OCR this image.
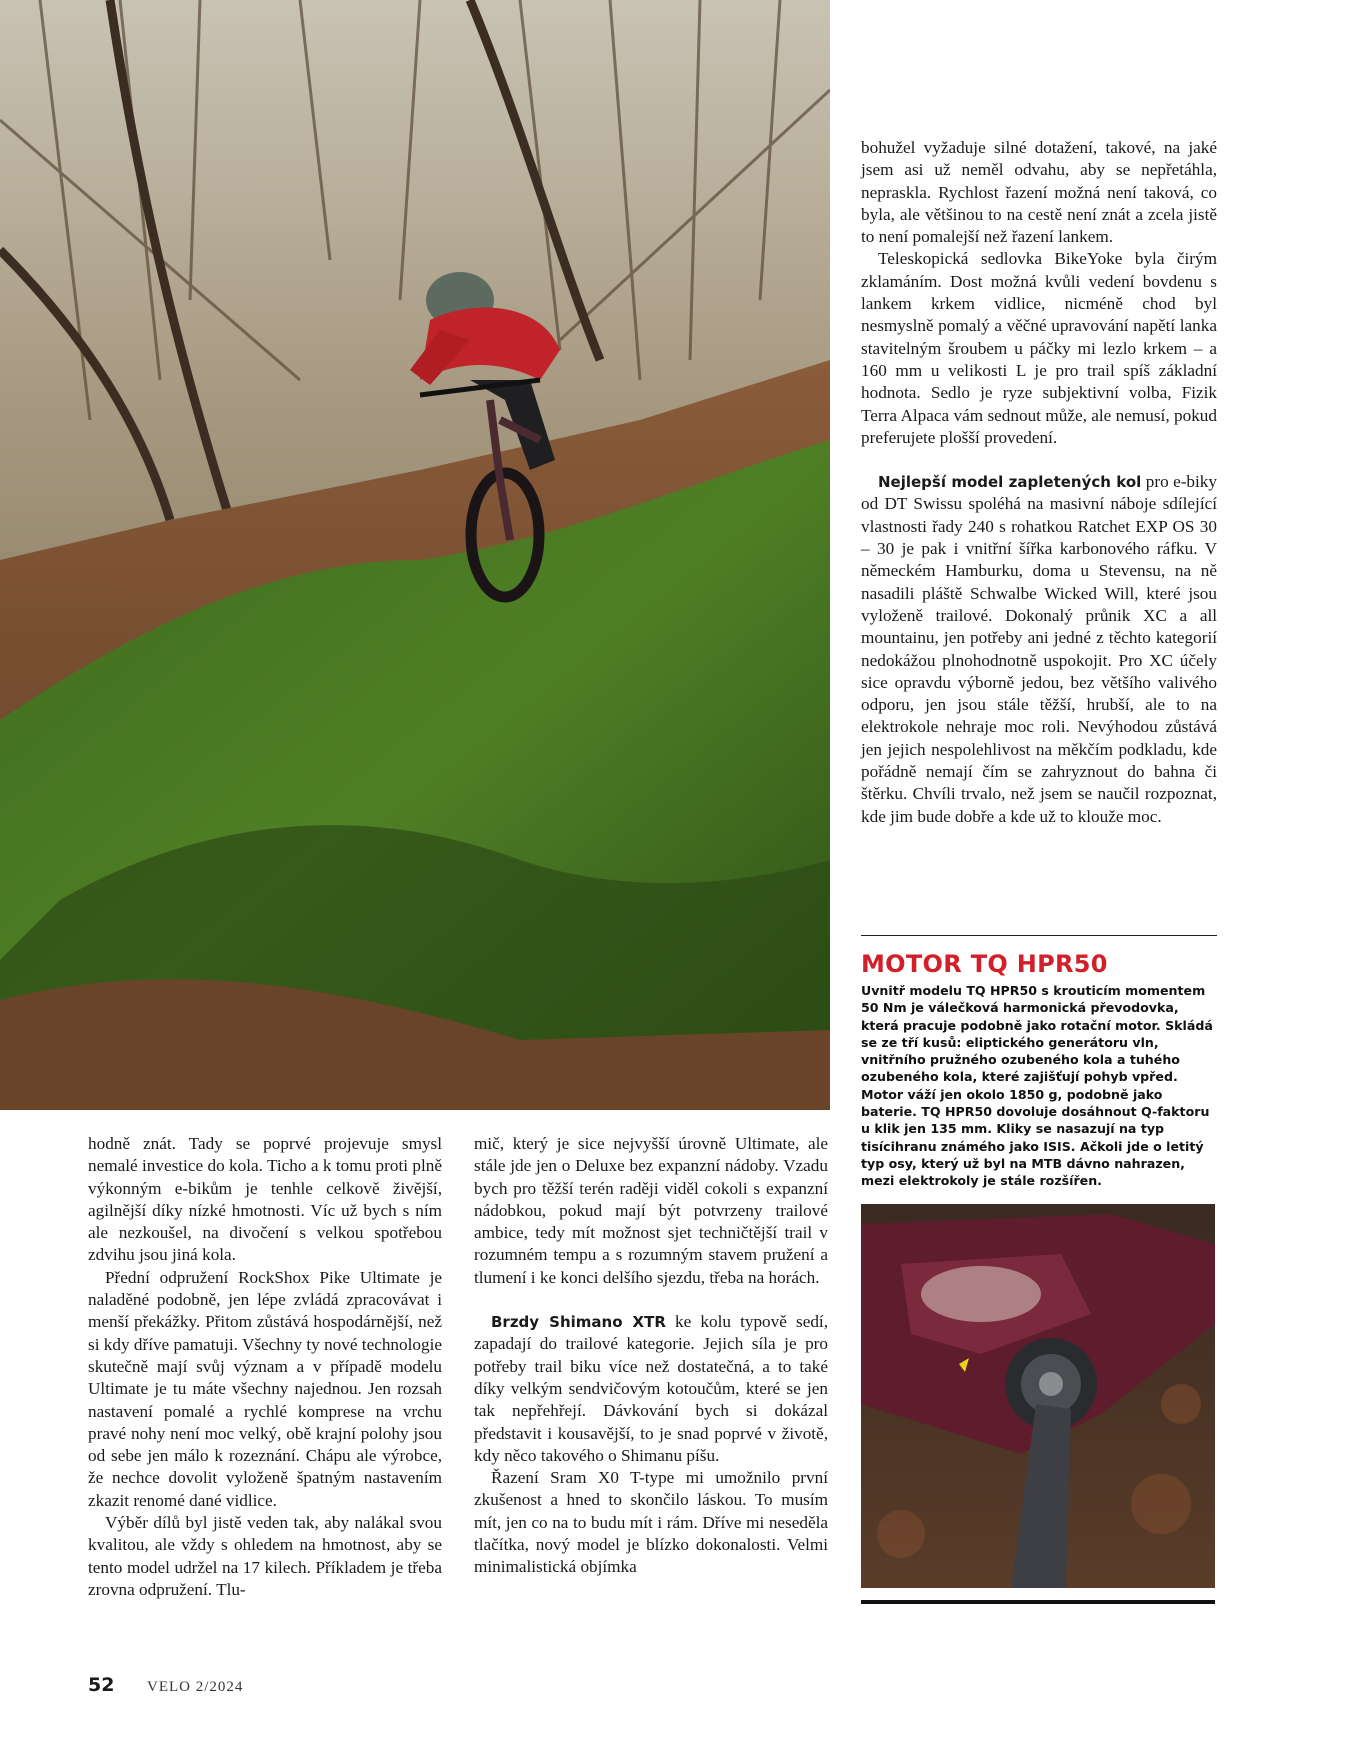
bohužel vyžaduje silné dotažení, takové, na jaké jsem asi už neměl odvahu, aby se nepřetáhla, nepraskla. Rychlost řazení možná není taková, co byla, ale většinou to na cestě není znát a zcela jistě to není pomalejší než řazení lankem.

Teleskopická sedlovka BikeYoke byla čirým zklamáním. Dost možná kvůli vedení bovdenu s lankem krkem vidlice, nicméně chod byl nesmyslně pomalý a věčné upravování napětí lanka stavitelným šroubem u páčky mi lezlo krkem – a 160 mm u velikosti L je pro trail spíš základní hodnota. Sedlo je ryze subjektivní volba, Fizik Terra Alpaca vám sednout může, ale nemusí, pokud preferujete plošší provedení.

Nejlepší model zapletených kol pro e-biky od DT Swissu spoléhá na masivní náboje sdílející vlastnosti řady 240 s rohatkou Ratchet EXP OS 30 – 30 je pak i vnitřní šířka karbonového ráfku. V německém Hamburku, doma u Stevensu, na ně nasadili pláště Schwalbe Wicked Will, které jsou vyloženě trailové. Dokonalý průnik XC a all mountainu, jen potřeby ani jedné z těchto kategorií nedokážou plnohodnotně uspokojit. Pro XC účely sice opravdu výborně jedou, bez většího valivého odporu, jen jsou stále těžší, hrubší, ale to na elektrokole nehraje moc roli. Nevýhodou zůstává jen jejich nespolehlivost na měkčím podkladu, kde pořádně nemají čím se zahryznout do bahna či štěrku. Chvíli trvalo, než jsem se naučil rozpoznat, kde jim bude dobře a kde už to klouže moc.

MOTOR TQ HPR50

Uvnitř modelu TQ HPR50 s krouticím momentem 50 Nm je válečková harmonická převodovka, která pracuje podobně jako rotační motor. Skládá se ze tří kusů: eliptického generátoru vln, vnitřního pružného ozubeného kola a tuhého ozubeného kola, které zajišťují pohyb vpřed. Motor váží jen okolo 1850 g, podobně jako baterie. TQ HPR50 dovoluje dosáhnout Q-faktoru u klik jen 135 mm. Kliky se nasazují na typ tisícihranu známého jako ISIS. Ačkoli jde o letitý typ osy, který už byl na MTB dávno nahrazen, mezi elektrokoly je stále rozšířen.

hodně znát. Tady se poprvé projevuje smysl nemalé investice do kola. Ticho a k tomu proti plně výkonným e-bikům je tenhle celkově živější, agilnější díky nízké hmotnosti. Víc už bych s ním ale nezkoušel, na divočení s velkou spotřebou zdvihu jsou jiná kola.

Přední odpružení RockShox Pike Ultimate je naladěné podobně, jen lépe zvládá zpracovávat i menší překážky. Přitom zůstává hospodárnější, než si kdy dříve pamatuji. Všechny ty nové technologie skutečně mají svůj význam a v případě modelu Ultimate je tu máte všechny najednou. Jen rozsah nastavení pomalé a rychlé komprese na vrchu pravé nohy není moc velký, obě krajní polohy jsou od sebe jen málo k rozeznání. Chápu ale výrobce, že nechce dovolit vyloženě špatným nastavením zkazit renomé dané vidlice.

Výběr dílů byl jistě veden tak, aby nalákal svou kvalitou, ale vždy s ohledem na hmotnost, aby se tento model udržel na 17 kilech. Příkladem je třeba zrovna odpružení. Tlu-

mič, který je sice nejvyšší úrovně Ultimate, ale stále jde jen o Deluxe bez expanzní nádoby. Vzadu bych pro těžší terén raději viděl cokoli s expanzní nádobkou, pokud mají být potvrzeny trailové ambice, tedy mít možnost sjet techničtější trail v rozumném tempu a s rozumným stavem pružení a tlumení i ke konci delšího sjezdu, třeba na horách.

Brzdy Shimano XTR ke kolu typově sedí, zapadají do trailové kategorie. Jejich síla je pro potřeby trail biku více než dostatečná, a to také díky velkým sendvičovým kotoučům, které se jen tak nepřehřejí. Dávkování bych si dokázal představit i kousavější, to je snad poprvé v životě, kdy něco takového o Shimanu píšu.

Řazení Sram X0 T-type mi umožnilo první zkušenost a hned to skončilo láskou. To musím mít, jen co na to budu mít i rám. Dříve mi neseděla tlačítka, nový model je blízko dokonalosti. Velmi minimalistická objímka

52 VELO 2/2024
